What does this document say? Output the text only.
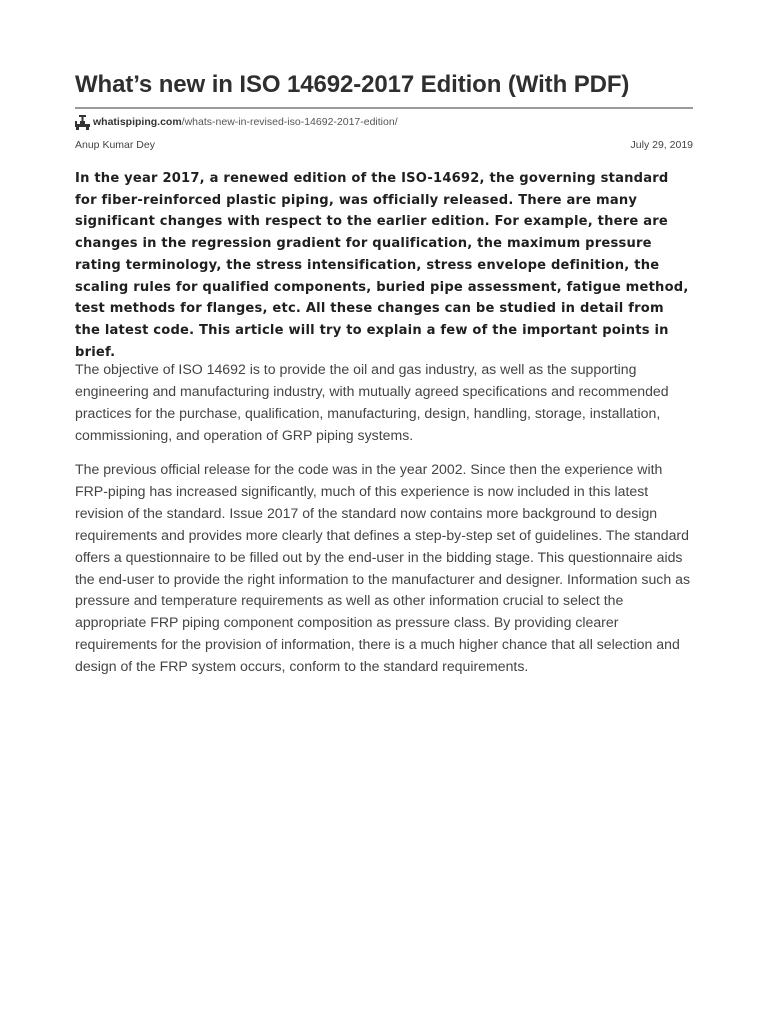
What’s new in ISO 14692-2017 Edition (With PDF)
whatispiping.com /whats-new-in-revised-iso-14692-2017-edition/
Anup Kumar Dey	July 29, 2019

In the year 2017, a renewed edition of the ISO-14692, the governing standard for fiber-reinforced plastic piping, was officially released. There are many significant changes with respect to the earlier edition. For example, there are changes in the regression gradient for qualification, the maximum pressure rating terminology, the stress intensification, stress envelope definition, the scaling rules for qualified components, buried pipe assessment, fatigue method, test methods for flanges, etc. All these changes can be studied in detail from the latest code. This article will try to explain a few of the important points in brief.

The objective of ISO 14692 is to provide the oil and gas industry, as well as the supporting engineering and manufacturing industry, with mutually agreed specifications and recommended practices for the purchase, qualification, manufacturing, design, handling, storage, installation, commissioning, and operation of GRP piping systems.

The previous official release for the code was in the year 2002. Since then the experience with FRP-piping has increased significantly, much of this experience is now included in this latest revision of the standard. Issue 2017 of the standard now contains more background to design requirements and provides more clearly that defines a step-by-step set of guidelines. The standard offers a questionnaire to be filled out by the end-user in the bidding stage. This questionnaire aids the end-user to provide the right information to the manufacturer and designer. Information such as pressure and temperature requirements as well as other information crucial to select the appropriate FRP piping component composition as pressure class. By providing clearer requirements for the provision of information, there is a much higher chance that all selection and design of the FRP system occurs, conform to the standard requirements.
